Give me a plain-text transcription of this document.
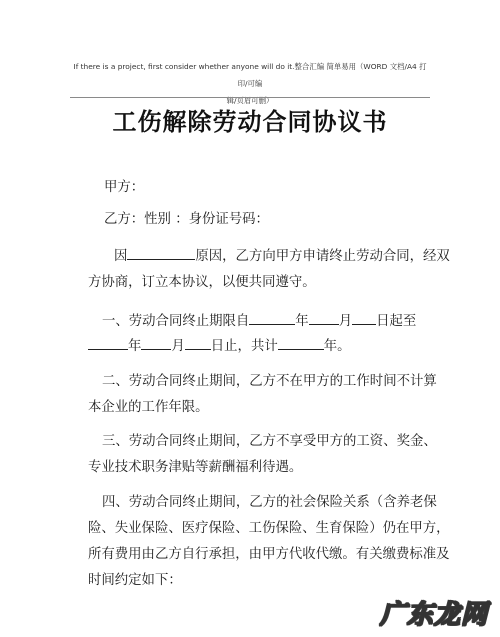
If there is a project, first consider whether anyone will do it.整合汇编 简单易用（WORD 文档/A4 打印/可编
辑/页眉可删）
工伤解除劳动合同协议书
甲方：
乙方：性别 ：身份证号码：
因	原因，乙方向甲方申请终止劳动合同，经双
方协商，订立本协议，以便共同遵守。
一、劳动合同终止期限自	年 月 日起至
年 月 日止，共计	年。
二、劳动合同终止期间，乙方不在甲方的工作时间不计算
本企业的工作年限。
三、劳动合同终止期间，乙方不享受甲方的工资、奖金、
专业技术职务津贴等薪酬福利待遇。
四、劳动合同终止期间，乙方的社会保险关系（含养老保
险、失业保险、医疗保险、工伤保险、生育保险）仍在甲方，
所有费用由乙方自行承担，由甲方代收代缴。有关缴费标准及
时间约定如下：
广东龙网
